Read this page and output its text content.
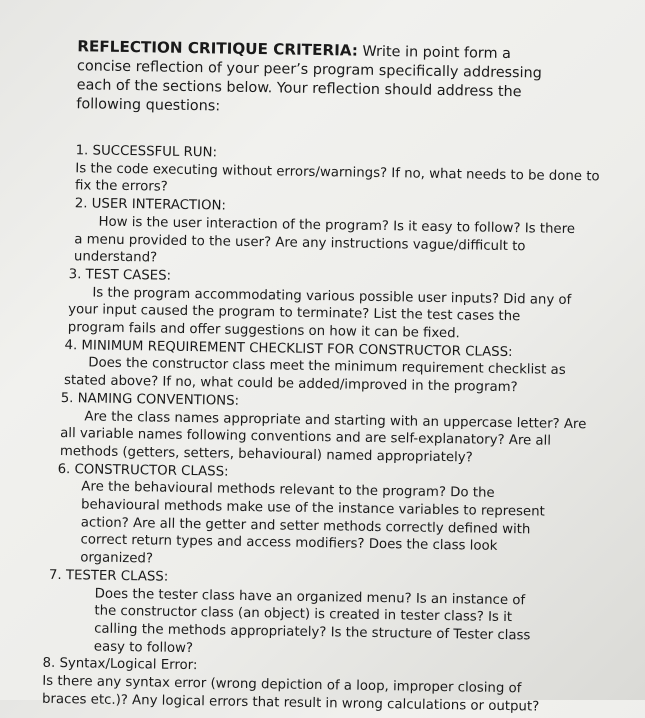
REFLECTION CRITIQUE CRITERIA: Write in point form a concise reflection of your peer’s program specifically addressing each of the sections below. Your reflection should address the following questions:
1. SUCCESSFUL RUN:
Is the code executing without errors/warnings? If no, what needs to be done to fix the errors?
2. USER INTERACTION:
How is the user interaction of the program? Is it easy to follow? Is there a menu provided to the user? Are any instructions vague/difficult to understand?
3. TEST CASES:
Is the program accommodating various possible user inputs? Did any of your input caused the program to terminate? List the test cases the program fails and offer suggestions on how it can be fixed.
4. MINIMUM REQUIREMENT CHECKLIST FOR CONSTRUCTOR CLASS:
Does the constructor class meet the minimum requirement checklist as stated above? If no, what could be added/improved in the program?
5. NAMING CONVENTIONS:
Are the class names appropriate and starting with an uppercase letter? Are all variable names following conventions and are self-explanatory? Are all methods (getters, setters, behavioural) named appropriately?
6. CONSTRUCTOR CLASS:
Are the behavioural methods relevant to the program? Do the behavioural methods make use of the instance variables to represent action? Are all the getter and setter methods correctly defined with correct return types and access modifiers? Does the class look organized?
7. TESTER CLASS:
Does the tester class have an organized menu? Is an instance of the constructor class (an object) is created in tester class? Is it calling the methods appropriately? Is the structure of Tester class easy to follow?
8. Syntax/Logical Error:
Is there any syntax error (wrong depiction of a loop, improper closing of braces etc.)? Any logical errors that result in wrong calculations or output?
